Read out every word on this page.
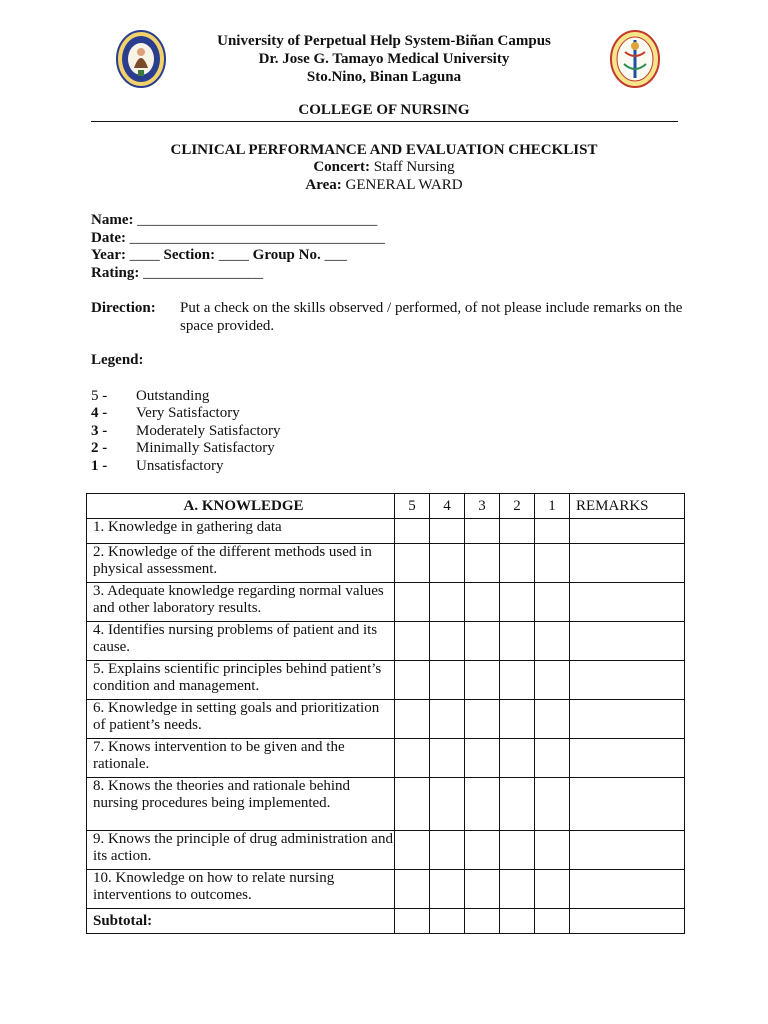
University of Perpetual Help System-Biñan Campus
Dr. Jose G. Tamayo Medical University
Sto.Nino, Binan Laguna
COLLEGE OF NURSING
CLINICAL PERFORMANCE AND EVALUATION CHECKLIST
Concert: Staff Nursing
Area: GENERAL WARD
Name: ________________________________
Date: __________________________________
Year: ____ Section: ____ Group No. ___
Rating: ________________
Direction: Put a check on the skills observed / performed, of not please include remarks on the space provided.
Legend:
5 - Outstanding
4 - Very Satisfactory
3 - Moderately Satisfactory
2 - Minimally Satisfactory
1 - Unsatisfactory
A. KNOWLEDGE	5	4	3	2	1	REMARKS
1. Knowledge in gathering data						
2. Knowledge of the different methods used in physical assessment.						
3. Adequate knowledge regarding normal values and other laboratory results.						
4. Identifies nursing problems of patient and its cause.						
5. Explains scientific principles behind patient’s condition and management.						
6. Knowledge in setting goals and prioritization of patient’s needs.						
7. Knows intervention to be given and the rationale.						
8. Knows the theories and rationale behind nursing procedures being implemented.						
9. Knows the principle of drug administration and its action.						
10. Knowledge on how to relate nursing interventions to outcomes.						
Subtotal:						
